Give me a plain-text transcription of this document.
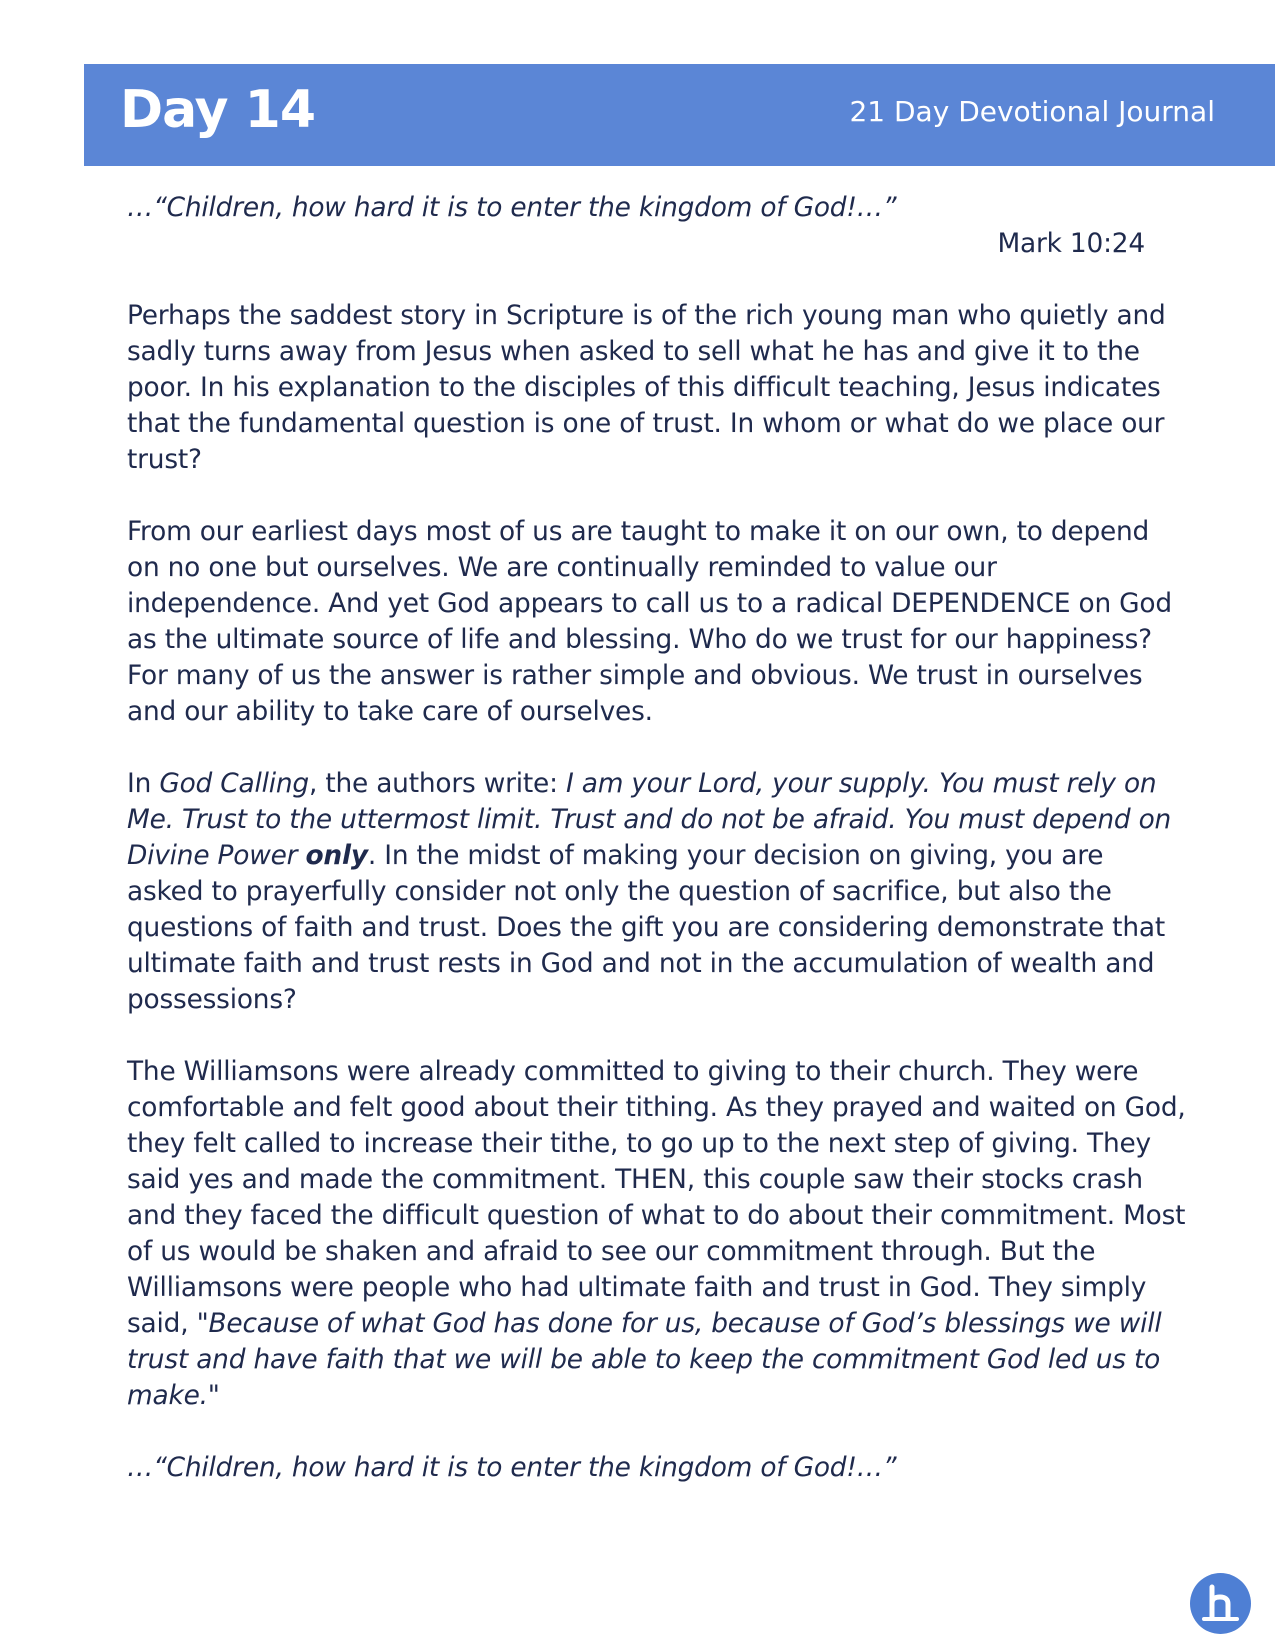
Day 14	21 Day Devotional Journal

…“Children, how hard it is to enter the kingdom of God!…”

Mark 10:24

Perhaps the saddest story in Scripture is of the rich young man who quietly and sadly turns away from Jesus when asked to sell what he has and give it to the poor. In his explanation to the disciples of this difficult teaching, Jesus indicates that the fundamental question is one of trust. In whom or what do we place our trust?

From our earliest days most of us are taught to make it on our own, to depend on no one but ourselves. We are continually reminded to value our independence. And yet God appears to call us to a radical DEPENDENCE on God as the ultimate source of life and blessing. Who do we trust for our happiness? For many of us the answer is rather simple and obvious. We trust in ourselves and our ability to take care of ourselves.

In God Calling, the authors write: I am your Lord, your supply. You must rely on Me. Trust to the uttermost limit. Trust and do not be afraid. You must depend on Divine Power only. In the midst of making your decision on giving, you are asked to prayerfully consider not only the question of sacrifice, but also the questions of faith and trust. Does the gift you are considering demonstrate that ultimate faith and trust rests in God and not in the accumulation of wealth and possessions?

The Williamsons were already committed to giving to their church. They were comfortable and felt good about their tithing. As they prayed and waited on God, they felt called to increase their tithe, to go up to the next step of giving. They said yes and made the commitment. THEN, this couple saw their stocks crash and they faced the difficult question of what to do about their commitment. Most of us would be shaken and afraid to see our commitment through. But the Williamsons were people who had ultimate faith and trust in God. They simply said, "Because of what God has done for us, because of God’s blessings we will trust and have faith that we will be able to keep the commitment God led us to make."

…“Children, how hard it is to enter the kingdom of God!…”
